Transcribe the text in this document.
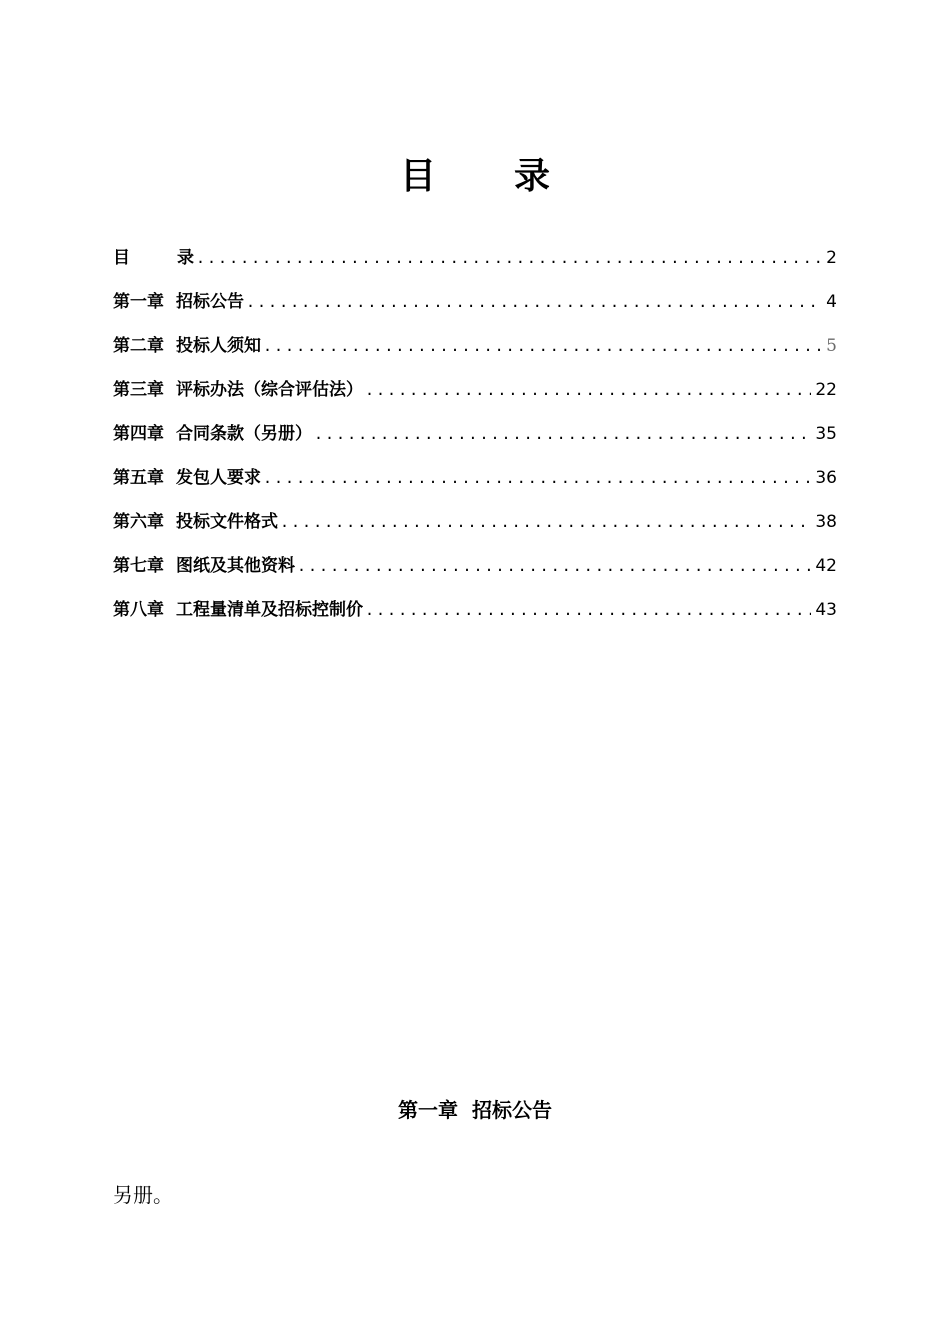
目 录
目	录 .....	2
第一章 招标公告 .....	4
第二章 投标人须知 .....	5
第三章 评标办法（综合评估法） .....	22
第四章 合同条款（另册） .....	35
第五章 发包人要求 .....	36
第六章 投标文件格式 .....	38
第七章 图纸及其他资料 .....	42
第八章 工程量清单及招标控制价 .....	43
第一章 招标公告
另册。
